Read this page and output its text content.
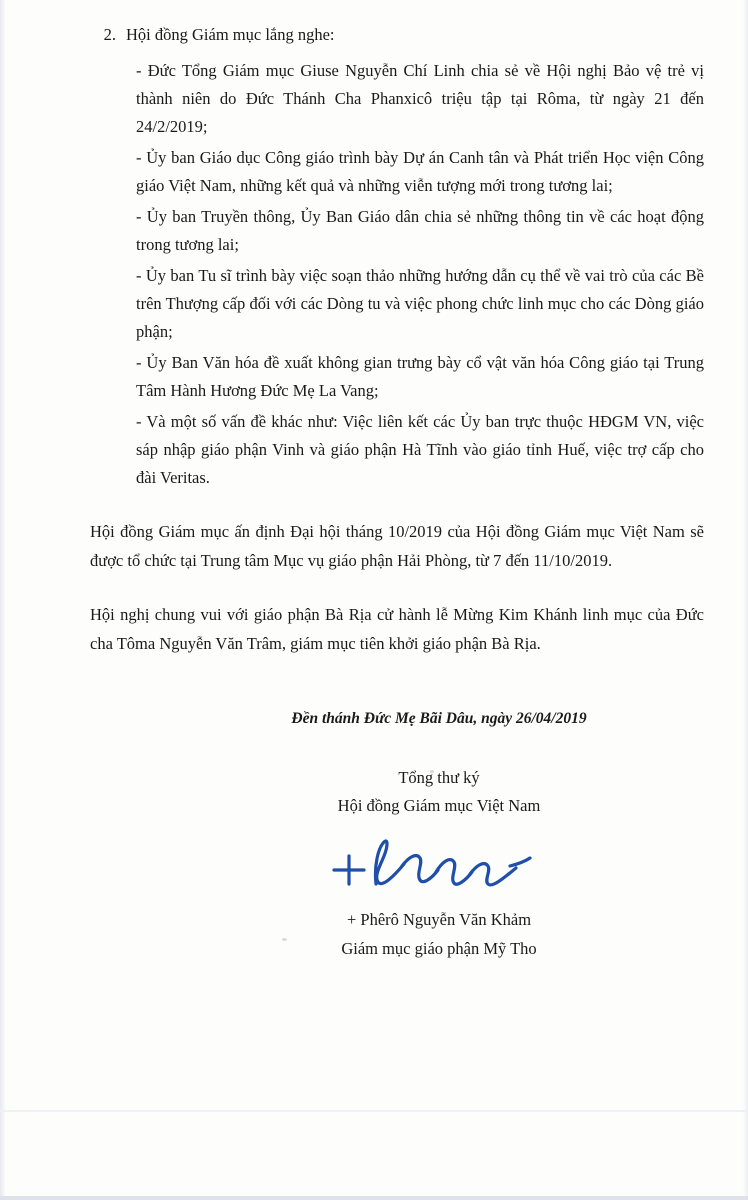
2. Hội đồng Giám mục lắng nghe:

- Đức Tổng Giám mục Giuse Nguyễn Chí Linh chia sẻ về Hội nghị Bảo vệ trẻ vị thành niên do Đức Thánh Cha Phanxicô triệu tập tại Rôma, từ ngày 21 đến 24/2/2019;

- Ủy ban Giáo dục Công giáo trình bày Dự án Canh tân và Phát triển Học viện Công giáo Việt Nam, những kết quả và những viễn tượng mới trong tương lai;

- Ủy ban Truyền thông, Ủy Ban Giáo dân chia sẻ những thông tin về các hoạt động trong tương lai;

- Ủy ban Tu sĩ trình bày việc soạn thảo những hướng dẫn cụ thể về vai trò của các Bề trên Thượng cấp đối với các Dòng tu và việc phong chức linh mục cho các Dòng giáo phận;

- Ủy Ban Văn hóa đề xuất không gian trưng bày cổ vật văn hóa Công giáo tại Trung Tâm Hành Hương Đức Mẹ La Vang;

- Và một số vấn đề khác như: Việc liên kết các Ủy ban trực thuộc HĐGM VN, việc sáp nhập giáo phận Vinh và giáo phận Hà Tĩnh vào giáo tỉnh Huế, việc trợ cấp cho đài Veritas.

Hội đồng Giám mục ấn định Đại hội tháng 10/2019 của Hội đồng Giám mục Việt Nam sẽ được tổ chức tại Trung tâm Mục vụ giáo phận Hải Phòng, từ 7 đến 11/10/2019.

Hội nghị chung vui với giáo phận Bà Rịa cử hành lễ Mừng Kim Khánh linh mục của Đức cha Tôma Nguyễn Văn Trâm, giám mục tiên khởi giáo phận Bà Rịa.

Đền thánh Đức Mẹ Bãi Dâu, ngày 26/04/2019
Tổng thư ký
Hội đồng Giám mục Việt Nam
+ Phêrô Nguyễn Văn Khảm
Giám mục giáo phận Mỹ Tho
